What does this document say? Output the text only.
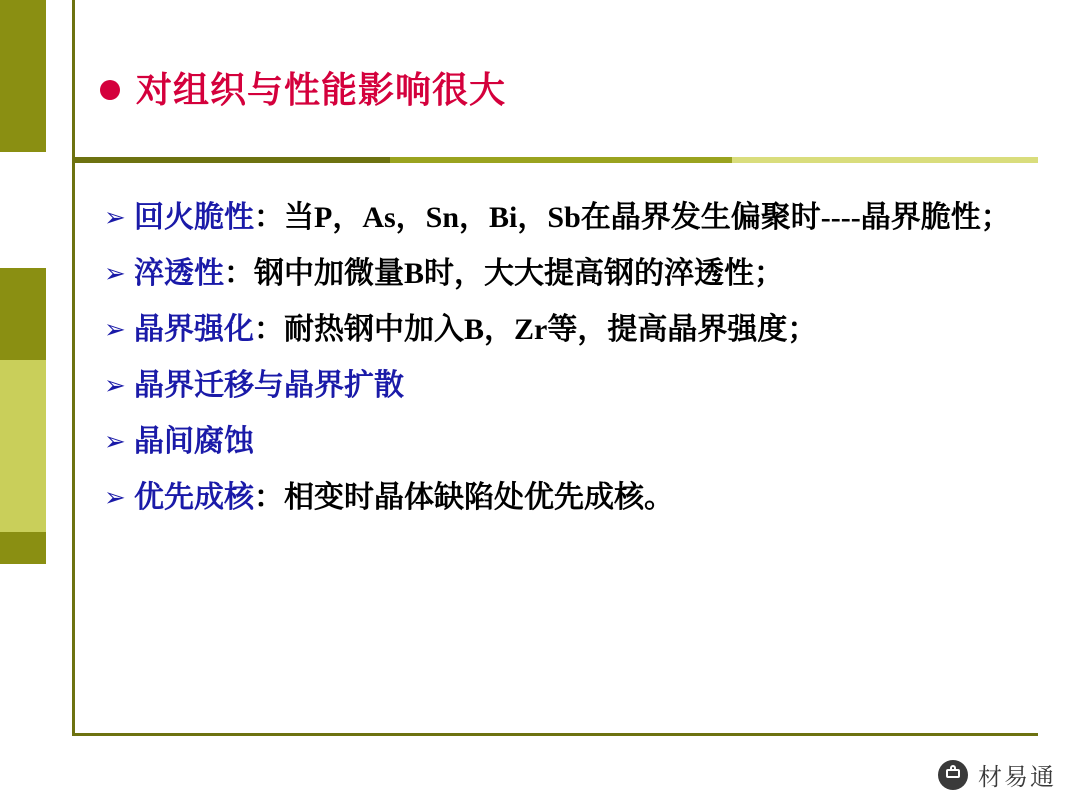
对组织与性能影响很大
➢ 回火脆性：当P，As，Sn，Bi，Sb在晶界发生偏聚时----晶界脆性；
➢ 淬透性：钢中加微量B时，大大提高钢的淬透性；
➢ 晶界强化：耐热钢中加入B，Zr等，提高晶界强度；
➢ 晶界迁移与晶界扩散
➢ 晶间腐蚀
➢ 优先成核：相变时晶体缺陷处优先成核。
材易通
